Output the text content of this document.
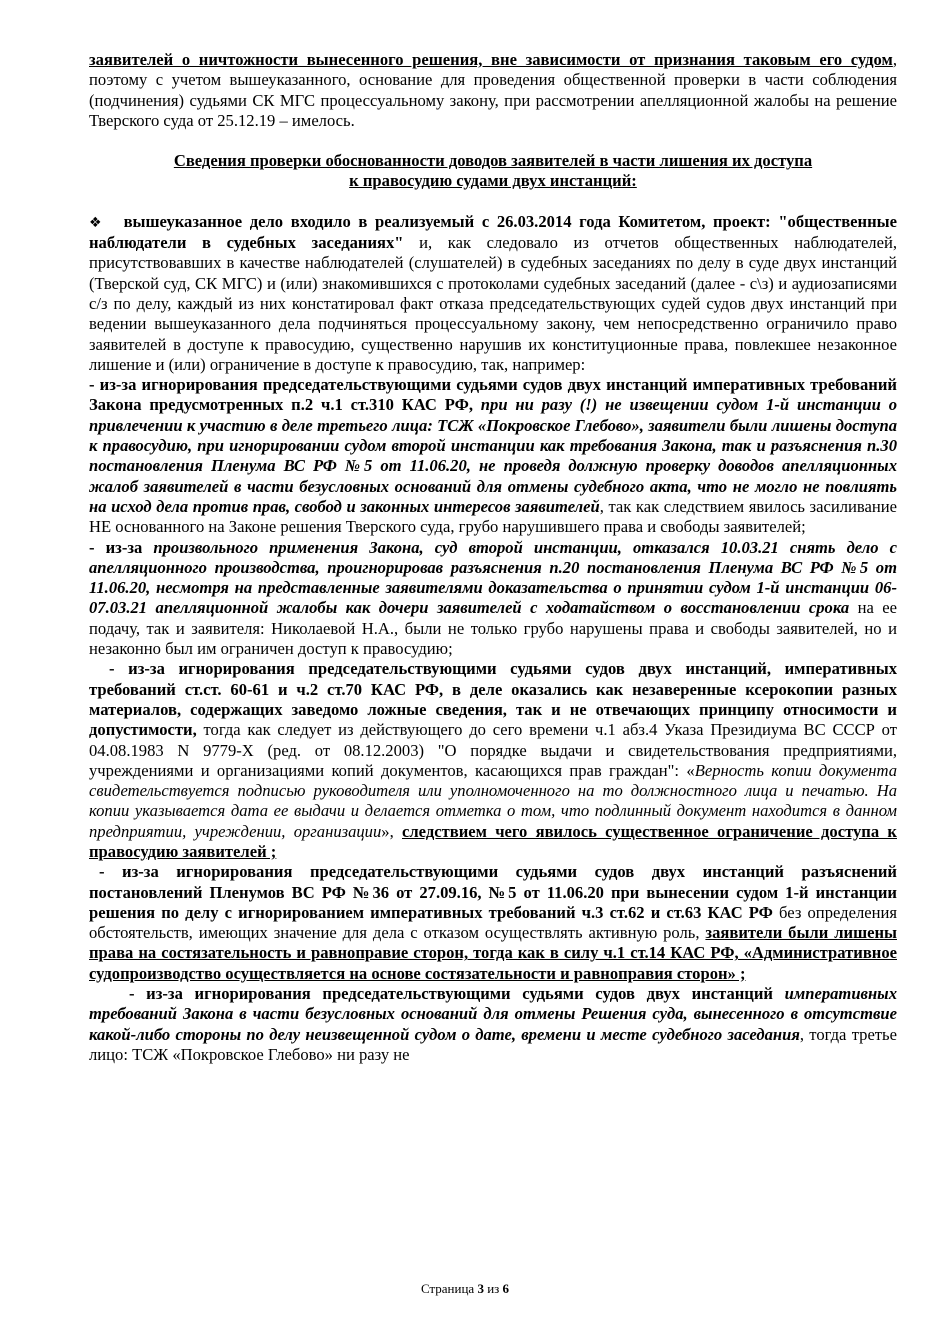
заявителей о ничтожности вынесенного решения, вне зависимости от признания таковым его судом, поэтому с учетом вышеуказанного, основание для проведения общественной проверки в части соблюдения (подчинения) судьями СК МГС процессуальному закону, при рассмотрении апелляционной жалобы на решение Тверского суда от 25.12.19 – имелось.

Сведения проверки обоснованности доводов заявителей в части лишения их доступа

к правосудию судами двух инстанций:

❖ вышеуказанное дело входило в реализуемый с 26.03.2014 года Комитетом, проект: "общественные наблюдатели в судебных заседаниях" и, как следовало из отчетов общественных наблюдателей, присутствовавших в качестве наблюдателей (слушателей) в судебных заседаниях по делу в суде двух инстанций (Тверской суд, СК МГС) и (или) знакомившихся с протоколами судебных заседаний (далее - с\з) и аудиозаписями с/з по делу, каждый из них констатировал факт отказа председательствующих судей судов двух инстанций при ведении вышеуказанного дела подчиняться процессуальному закону, чем непосредственно ограничило право заявителей в доступе к правосудию, существенно нарушив их конституционные права, повлекшее незаконное лишение и (или) ограничение в доступе к правосудию, так, например:

- из-за игнорирования председательствующими судьями судов двух инстанций императивных требований Закона предусмотренных п.2 ч.1 ст.310 КАС РФ, при ни разу (!) не извещении судом 1-й инстанции о привлечении к участию в деле третьего лица: ТСЖ «Покровское Глебово», заявители были лишены доступа к правосудию, при игнорировании судом второй инстанции как требования Закона, так и разъяснения п.30 постановления Пленума ВС РФ №5 от 11.06.20, не проведя должную проверку доводов апелляционных жалоб заявителей в части безусловных оснований для отмены судебного акта, что не могло не повлиять на исход дела против прав, свобод и законных интересов заявителей, так как следствием явилось засиливание НЕ основанного на Законе решения Тверского суда, грубо нарушившего права и свободы заявителей;

- из-за произвольного применения Закона, суд второй инстанции, отказался 10.03.21 снять дело с апелляционного производства, проигнорировав разъяснения п.20 постановления Пленума ВС РФ №5 от 11.06.20, несмотря на представленные заявителями доказательства о принятии судом 1-й инстанции 06-07.03.21 апелляционной жалобы как дочери заявителей с ходатайством о восстановлении срока на ее подачу, так и заявителя: Николаевой Н.А., были не только грубо нарушены права и свободы заявителей, но и незаконно был им ограничен доступ к правосудию;

- из-за игнорирования председательствующими судьями судов двух инстанций, императивных требований ст.ст. 60-61 и ч.2 ст.70 КАС РФ, в деле оказались как незаверенные ксерокопии разных материалов, содержащих заведомо ложные сведения, так и не отвечающих принципу относимости и допустимости, тогда как следует из действующего до сего времени ч.1 абз.4 Указа Президиума ВС СССР от 04.08.1983 N 9779-X (ред. от 08.12.2003) "О порядке выдачи и свидетельствования предприятиями, учреждениями и организациями копий документов, касающихся прав граждан": «Верность копии документа свидетельствуется подписью руководителя или уполномоченного на то должностного лица и печатью. На копии указывается дата ее выдачи и делается отметка о том, что подлинный документ находится в данном предприятии, учреждении, организации», следствием чего явилось существенное ограничение доступа к правосудию заявителей ;

- из-за игнорирования председательствующими судьями судов двух инстанций разъяснений постановлений Пленумов ВС РФ №36 от 27.09.16, №5 от 11.06.20 при вынесении судом 1-й инстанции решения по делу с игнорированием императивных требований ч.3 ст.62 и ст.63 КАС РФ без определения обстоятельств, имеющих значение для дела с отказом осуществлять активную роль, заявители были лишены права на состязательность и равноправие сторон, тогда как в силу ч.1 ст.14 КАС РФ, «Административное судопроизводство осуществляется на основе состязательности и равноправия сторон» ;

- из-за игнорирования председательствующими судьями судов двух инстанций императивных требований Закона в части безусловных оснований для отмены Решения суда, вынесенного в отсутствие какой-либо стороны по делу неизвещенной судом о дате, времени и месте судебного заседания, тогда третье лицо: ТСЖ «Покровское Глебово» ни разу не

Страница 3 из 6
